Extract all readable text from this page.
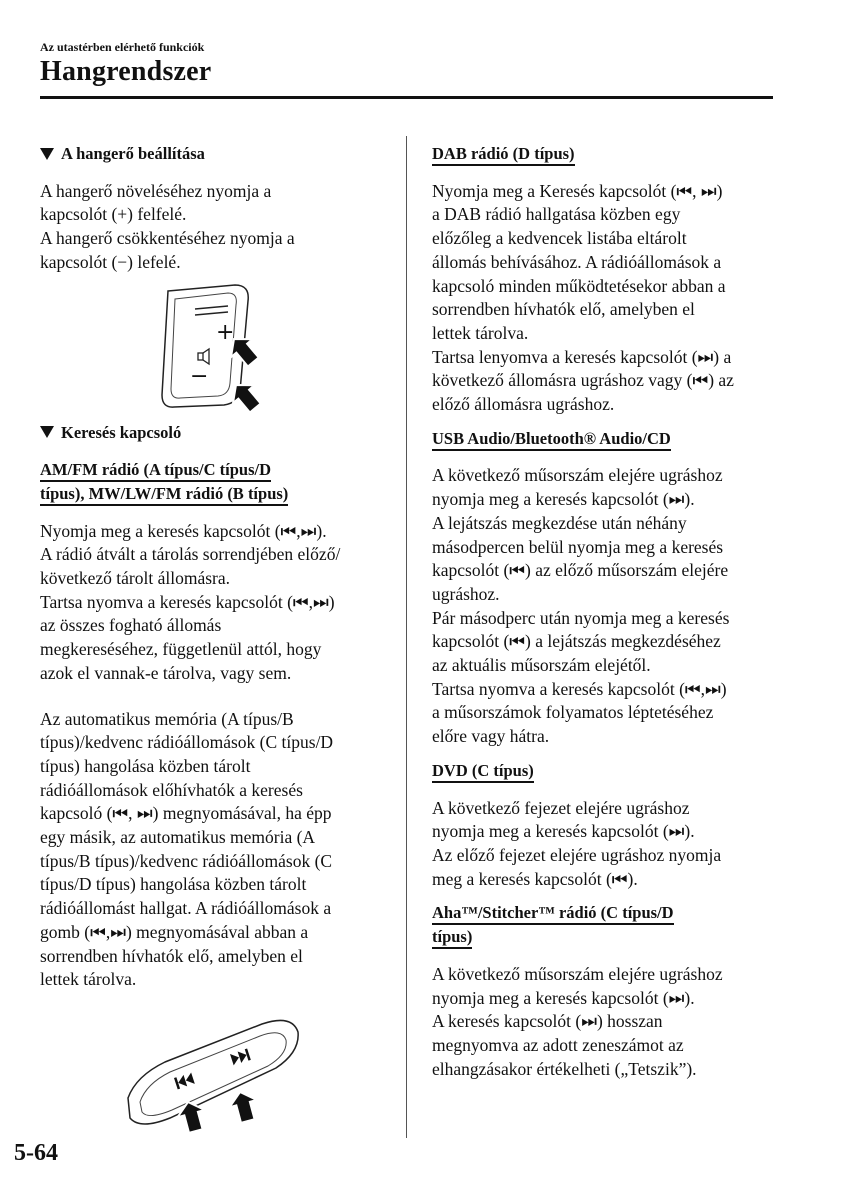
Az utastérben elérhető funkciók
Hangrendszer
A hangerő beállítása

A hangerő növeléséhez nyomja a

kapcsolót (+) felfelé.

A hangerő csökkentéséhez nyomja a

kapcsolót (−) lefelé.

+
−
Keresés kapcsoló
AM/FM rádió (A típus/C típus/D
típus), MW/LW/FM rádió (B típus)

Nyomja meg a keresés kapcsolót (⏮,⏭).

A rádió átvált a tárolás sorrendjében előző/

következő tárolt állomásra.

Tartsa nyomva a keresés kapcsolót (⏮,⏭)

az összes fogható állomás

megkereséséhez, függetlenül attól, hogy

azok el vannak-e tárolva, vagy sem.

Az automatikus memória (A típus/B

típus)/kedvenc rádióállomások (C típus/D

típus) hangolása közben tárolt

rádióállomások előhívhatók a keresés

kapcsoló (⏮, ⏭) megnyomásával, ha épp

egy másik, az automatikus memória (A

típus/B típus)/kedvenc rádióállomások (C

típus/D típus) hangolása közben tárolt

rádióállomást hallgat. A rádióállomások a

gomb (⏮,⏭) megnyomásával abban a

sorrendben hívhatók elő, amelyben el

lettek tárolva.

DAB rádió (D típus)

Nyomja meg a Keresés kapcsolót (⏮, ⏭)

a DAB rádió hallgatása közben egy

előzőleg a kedvencek listába eltárolt

állomás behívásához. A rádióállomások a

kapcsoló minden működtetésekor abban a

sorrendben hívhatók elő, amelyben el

lettek tárolva.

Tartsa lenyomva a keresés kapcsolót (⏭) a

következő állomásra ugráshoz vagy (⏮) az

előző állomásra ugráshoz.

USB Audio/Bluetooth® Audio/CD

A következő műsorszám elejére ugráshoz

nyomja meg a keresés kapcsolót (⏭).

A lejátszás megkezdése után néhány

másodpercen belül nyomja meg a keresés

kapcsolót (⏮) az előző műsorszám elejére

ugráshoz.

Pár másodperc után nyomja meg a keresés

kapcsolót (⏮) a lejátszás megkezdéséhez

az aktuális műsorszám elejétől.

Tartsa nyomva a keresés kapcsolót (⏮,⏭)

a műsorszámok folyamatos léptetéséhez

előre vagy hátra.

DVD (C típus)

A következő fejezet elejére ugráshoz

nyomja meg a keresés kapcsolót (⏭).

Az előző fejezet elejére ugráshoz nyomja

meg a keresés kapcsolót (⏮).

Aha™/Stitcher™ rádió (C típus/D
típus)

A következő műsorszám elejére ugráshoz

nyomja meg a keresés kapcsolót (⏭).

A keresés kapcsolót (⏭) hosszan

megnyomva az adott zeneszámot az

elhangzásakor értékelheti („Tetszik”).

5-64
